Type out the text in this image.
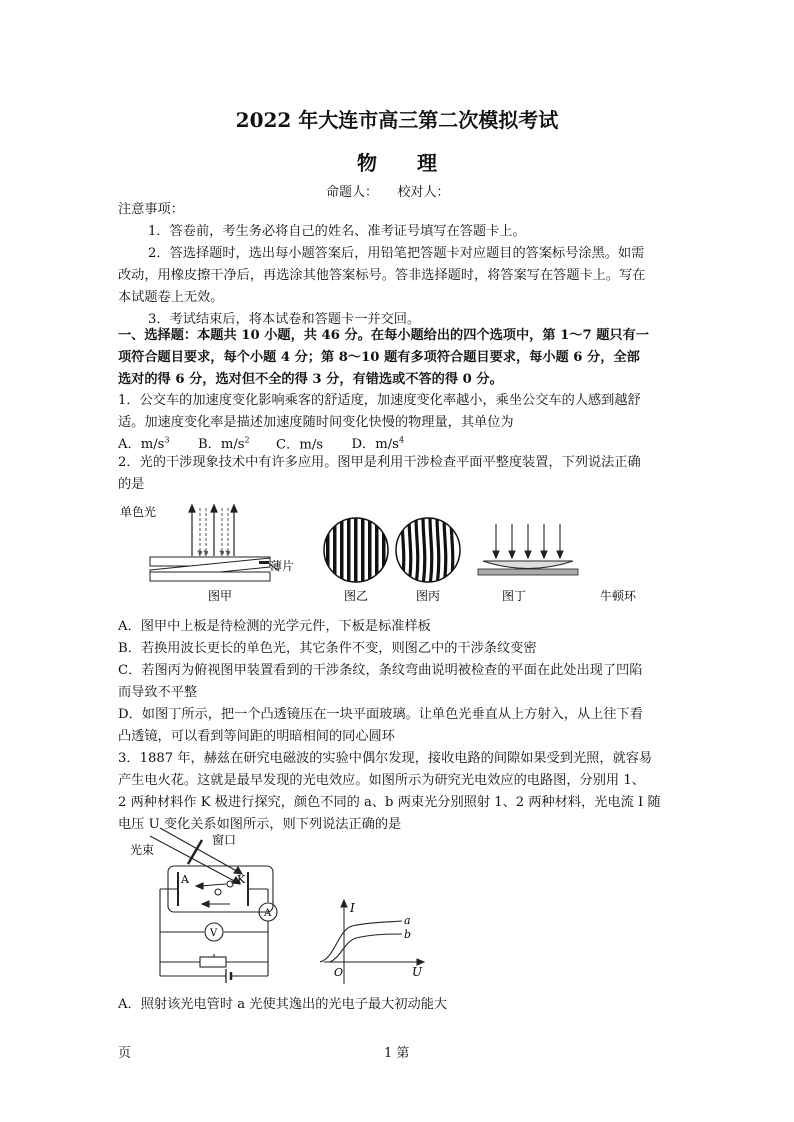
2022 年大连市高三第二次模拟考试
物　　理
命题人：　　校对人：
注意事项：
1．答卷前，考生务必将自己的姓名、准考证号填写在答题卡上。
2．答选择题时，选出每小题答案后，用铅笔把答题卡对应题目的答案标号涂黑。如需
改动，用橡皮擦干净后，再选涂其他答案标号。答非选择题时，将答案写在答题卡上。写在
本试题卷上无效。
3．考试结束后，将本试卷和答题卡一并交回。
一、选择题：本题共 10 小题，共 46 分。在每小题给出的四个选项中，第 1～7 题只有一
项符合题目要求，每个小题 4 分；第 8～10 题有多项符合题目要求，每小题 6 分，全部
选对的得 6 分，选对但不全的得 3 分，有错选或不答的得 0 分。
1．公交车的加速度变化影响乘客的舒适度，加速度变化率越小，乘坐公交车的人感到越舒
适。加速度变化率是描述加速度随时间变化快慢的物理量，其单位为
A．$m/s^3$ B．$m/s^2$ C．m/s D．$m/s^4$
2．光的干涉现象技术中有许多应用。图甲是利用干涉检查平面平整度装置，下列说法正确
的是
单色光
薄片
图甲	图乙	图丙	图丁	牛顿环
A．图甲中上板是待检测的光学元件，下板是标准样板
B．若换用波长更长的单色光，其它条件不变，则图乙中的干涉条纹变密
C．若图丙为俯视图甲装置看到的干涉条纹，条纹弯曲说明被检查的平面在此处出现了凹陷
而导致不平整
D．如图丁所示，把一个凸透镜压在一块平面玻璃。让单色光垂直从上方射入，从上往下看
凸透镜，可以看到等间距的明暗相间的同心圆环
3．1887 年，赫兹在研究电磁波的实验中偶尔发现，接收电路的间隙如果受到光照，就容易
产生电火花。这就是最早发现的光电效应。如图所示为研究光电效应的电路图，分别用 1、
2 两种材料作 K 极进行探究，颜色不同的 a、b 两束光分别照射 1、2 两种材料，光电流 I 随
电压 U 变化关系如图所示，则下列说法正确的是
窗口
光束
A	K
A
V
I
U
O
a
b
A．照射该光电管时 a 光使其逸出的光电子最大初动能大
页	1 第
